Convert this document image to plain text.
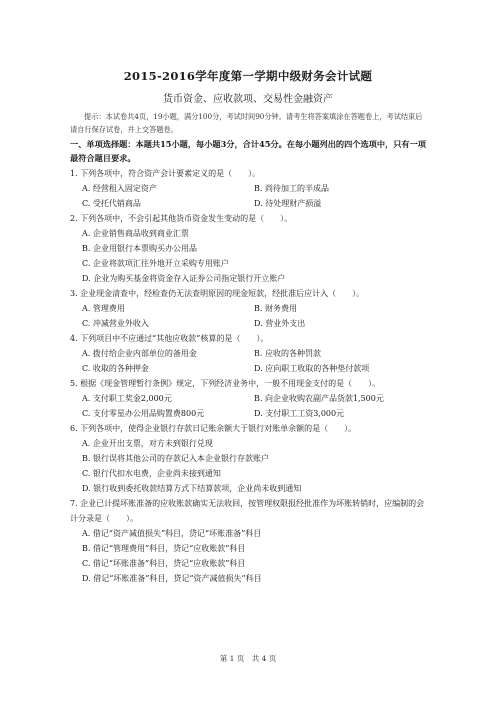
2015-2016学年度第一学期中级财务会计试题
货币资金、应收款项、交易性金融资产
提示：本试卷共4页，19小题，满分100分，考试时间90分钟。请考生将答案填涂在答题卷上，考试结束后请自行保存试卷，并上交答题卷。
一、单项选择题：本题共15小题，每小题3分，合计45分。在每小题列出的四个选项中，只有一项最符合题目要求。
1. 下列各项中，符合资产会计要素定义的是（　　）。
A. 经营租入固定资产	B. 尚待加工的半成品
C. 受托代销商品	D. 待处理财产损溢
2. 下列各项中，不会引起其他货币资金发生变动的是（　　）。
A. 企业销售商品收到商业汇票
B. 企业用银行本票购买办公用品
C. 企业将款项汇往外地开立采购专用账户
D. 企业为购买基金将资金存入证券公司指定银行开立账户
3. 企业现金清查中，经检查仍无法查明原因的现金短款，经批准后应计入（　　）。
A. 管理费用	B. 财务费用
C. 冲减营业外收入	D. 营业外支出
4. 下列项目中不应通过“其他应收款”核算的是（　　）。
A. 拨付给企业内部单位的备用金	B. 应收的各种罚款
C. 收取的各种押金	D. 应向职工收取的各种垫付款项
5. 根据《现金管理暂行条例》规定，下列经济业务中，一般不用现金支付的是（　　）。
A. 支付职工奖金2,000元	B. 向企业收购农副产品货款1,500元
C. 支付零星办公用品购置费800元	D. 支付职工工资3,000元
6. 下列各项中，使得企业银行存款日记账余额大于银行对账单余额的是（　　）。
A. 企业开出支票，对方未到银行兑现
B. 银行误将其他公司的存款记入本企业银行存款账户
C. 银行代扣水电费，企业尚未接到通知
D. 银行收到委托收款结算方式下结算款项，企业尚未收到通知
7. 企业已计提坏账准备的应收账款确实无法收回，按管理权限报经批准作为坏账转销时，应编制的会计分录是（　　）。
A. 借记“资产减值损失”科目，贷记“坏账准备”科目
B. 借记“管理费用”科目，贷记“应收账款”科目
C. 借记“坏账准备”科目，贷记“应收账款”科目
D. 借记“坏账准备”科目，贷记“资产减值损失”科目
第 1 页　共 4 页
